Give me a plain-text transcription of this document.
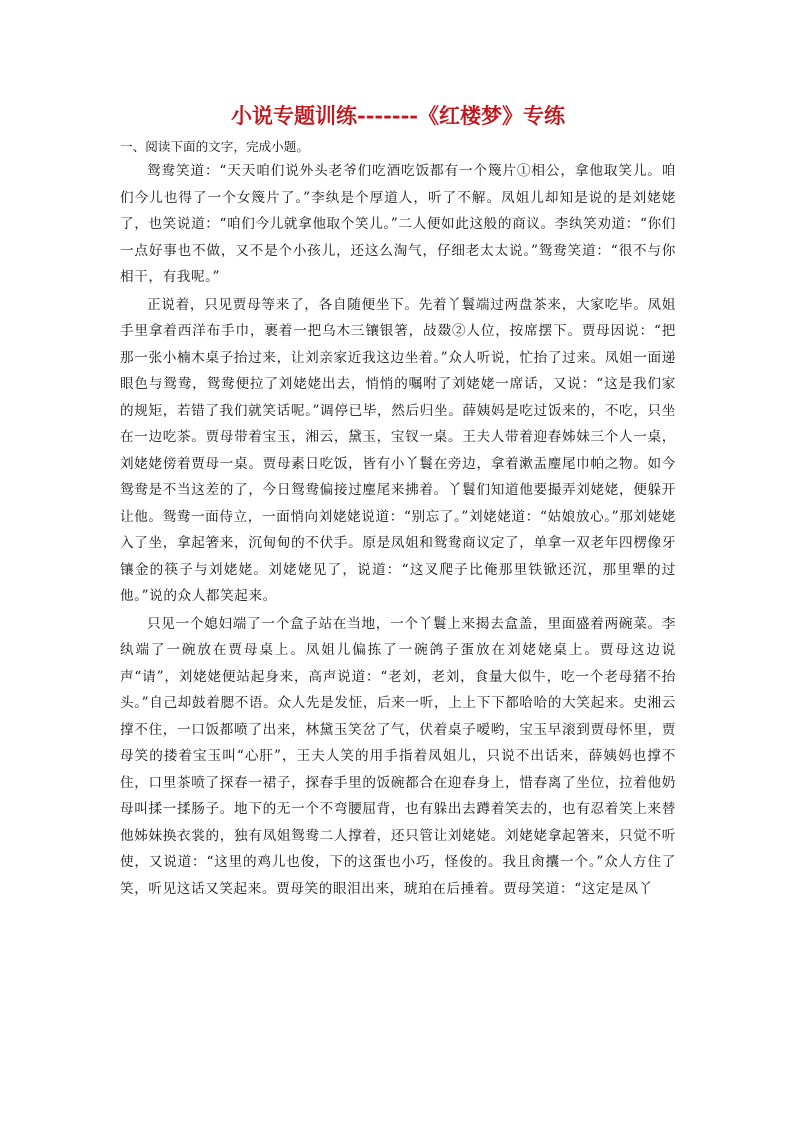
小说专题训练-------《红楼梦》专练

一、阅读下面的文字，完成小题。

鸳鸯笑道：“天天咱们说外头老爷们吃酒吃饭都有一个篾片①相公，拿他取笑儿。咱们今儿也得了一个女篾片了。”李纨是个厚道人，听了不解。凤姐儿却知是说的是刘姥姥了，也笑说道：“咱们今儿就拿他取个笑儿。”二人便如此这般的商议。李纨笑劝道：“你们一点好事也不做，又不是个小孩儿，还这么淘气，仔细老太太说。”鸳鸯笑道：“很不与你相干，有我呢。”

正说着，只见贾母等来了，各自随便坐下。先着丫鬟端过两盘茶来，大家吃毕。凤姐手里拿着西洋布手巾，裹着一把乌木三镶银箸，敁敠②人位，按席摆下。贾母因说：“把那一张小楠木桌子抬过来，让刘亲家近我这边坐着。”众人听说，忙抬了过来。凤姐一面递眼色与鸳鸯，鸳鸯便拉了刘姥姥出去，悄悄的嘱咐了刘姥姥一席话，又说：“这是我们家的规矩，若错了我们就笑话呢。”调停已毕，然后归坐。薛姨妈是吃过饭来的，不吃，只坐在一边吃茶。贾母带着宝玉，湘云，黛玉，宝钗一桌。王夫人带着迎春姊妹三个人一桌，刘姥姥傍着贾母一桌。贾母素日吃饭，皆有小丫鬟在旁边，拿着漱盂麈尾巾帕之物。如今鸳鸯是不当这差的了，今日鸳鸯偏接过麈尾来拂着。丫鬟们知道他要撮弄刘姥姥，便躲开让他。鸳鸯一面侍立，一面悄向刘姥姥说道：“别忘了。”刘姥姥道：“姑娘放心。”那刘姥姥入了坐，拿起箸来，沉甸甸的不伏手。原是凤姐和鸳鸯商议定了，单拿一双老年四楞像牙镶金的筷子与刘姥姥。刘姥姥见了，说道：“这叉爬子比俺那里铁锨还沉，那里犟的过他。”说的众人都笑起来。

只见一个媳妇端了一个盒子站在当地，一个丫鬟上来揭去盒盖，里面盛着两碗菜。李纨端了一碗放在贾母桌上。凤姐儿偏拣了一碗鸽子蛋放在刘姥姥桌上。贾母这边说声“请”，刘姥姥便站起身来，高声说道：“老刘，老刘，食量大似牛，吃一个老母猪不抬头。”自己却鼓着腮不语。众人先是发怔，后来一听，上上下下都哈哈的大笑起来。史湘云撑不住，一口饭都喷了出来，林黛玉笑岔了气，伏着桌子嗳哟，宝玉早滚到贾母怀里，贾母笑的搂着宝玉叫“心肝”，王夫人笑的用手指着凤姐儿，只说不出话来，薛姨妈也撑不住，口里茶喷了探春一裙子，探春手里的饭碗都合在迎春身上，惜春离了坐位，拉着他奶母叫揉一揉肠子。地下的无一个不弯腰屈背，也有躲出去蹲着笑去的，也有忍着笑上来替他姊妹换衣裳的，独有凤姐鸳鸯二人撑着，还只管让刘姥姥。刘姥姥拿起箸来，只觉不听使，又说道：“这里的鸡儿也俊，下的这蛋也小巧，怪俊的。我且肏攮一个。”众人方住了笑，听见这话又笑起来。贾母笑的眼泪出来，琥珀在后捶着。贾母笑道：“这定是凤丫
